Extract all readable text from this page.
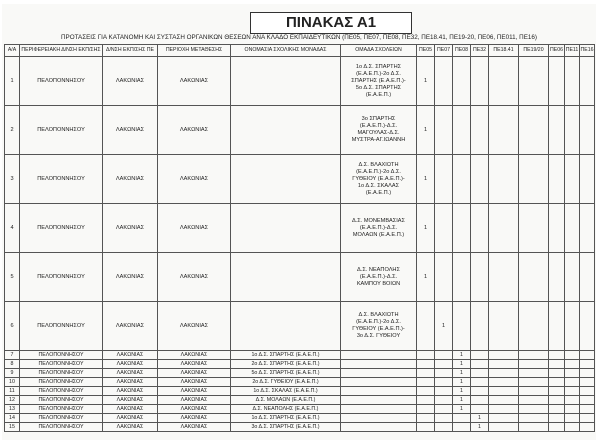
ΠΙΝΑΚΑΣ Α1
ΠΡΟΤΑΣΕΙΣ ΓΙΑ ΚΑΤΑΝΟΜΗ ΚΑΙ ΣΥΣΤΑΣΗ ΟΡΓΑΝΙΚΩΝ ΘΕΣΕΩΝ ΑΝΑ ΚΛΑΔΟ ΕΚΠΑΙΔΕΥΤΙΚΩΝ (ΠΕ05, ΠΕ07, ΠΕ08, ΠΕ32, ΠΕ18.41, ΠΕ19-20, ΠΕ06, ΠΕ011, ΠΕ16)
Α/Α	ΠΕΡΙΦΕΡΕΙΑΚΗ Δ/ΝΣΗ ΕΚΠ/ΣΗΣ	Δ/ΝΣΗ ΕΚΠ/ΣΗΣ ΠΕ	ΠΕΡΙΟΧΗ ΜΕΤΑΘΕΣΗΣ	ΟΝΟΜΑΣΙΑ ΣΧΟΛΙΚΗΣ ΜΟΝΑΔΑΣ	ΟΜΑΔΑ ΣΧΟΛΕΙΩΝ	ΠΕ05	ΠΕ07	ΠΕ08	ΠΕ32	ΠΕ18.41	ΠΕ19/20	ΠΕ06	ΠΕ11	ΠΕ16
1	ΠΕΛΟΠΟΝΝΗΣΟΥ	ΛΑΚΩΝΙΑΣ	ΛΑΚΩΝΙΑΣ		1ο Δ.Σ. ΣΠΑΡΤΗΣ
(Ε.Α.Ε.Π.)-2ο Δ.Σ.
ΣΠΑΡΤΗΣ (Ε.Α.Ε.Π.)-
5ο Δ.Σ. ΣΠΑΡΤΗΣ
(Ε.Α.Ε.Π.)	1								
2	ΠΕΛΟΠΟΝΝΗΣΟΥ	ΛΑΚΩΝΙΑΣ	ΛΑΚΩΝΙΑΣ		3ο ΣΠΑΡΤΗΣ
(Ε.Α.Ε.Π.)-Δ.Σ.
ΜΑΓΟΥΛΑΣ-Δ.Σ.
ΜΥΣΤΡΑ-ΑΓ.ΙΩΑΝΝΗ	1								
3	ΠΕΛΟΠΟΝΝΗΣΟΥ	ΛΑΚΩΝΙΑΣ	ΛΑΚΩΝΙΑΣ		Δ.Σ. ΒΛΑΧΙΩΤΗ
(Ε.Α.Ε.Π.)-2ο Δ.Σ.
ΓΥΘΕΙΟΥ (Ε.Α.Ε.Π.)-
1ο Δ.Σ. ΣΚΑΛΑΣ
(Ε.Α.Ε.Π.)	1								
4	ΠΕΛΟΠΟΝΝΗΣΟΥ	ΛΑΚΩΝΙΑΣ	ΛΑΚΩΝΙΑΣ		Δ.Σ. ΜΟΝΕΜΒΑΣΙΑΣ
(Ε.Α.Ε.Π.)-Δ.Σ.
ΜΟΛΑΩΝ (Ε.Α.Ε.Π.)	1								
5	ΠΕΛΟΠΟΝΝΗΣΟΥ	ΛΑΚΩΝΙΑΣ	ΛΑΚΩΝΙΑΣ		Δ.Σ. ΝΕΑΠΟΛΗΣ
(Ε.Α.Ε.Π.)-Δ.Σ.
ΚΑΜΠΟΥ ΒΟΙΩΝ	1								
6	ΠΕΛΟΠΟΝΝΗΣΟΥ	ΛΑΚΩΝΙΑΣ	ΛΑΚΩΝΙΑΣ		Δ.Σ. ΒΛΑΧΙΩΤΗ
(Ε.Α.Ε.Π.)-2ο Δ.Σ.
ΓΥΘΕΙΟΥ (Ε.Α.Ε.Π.)-
3ο Δ.Σ. ΓΥΘΕΙΟΥ		1							
7	ΠΕΛΟΠΟΝΝΗΣΟΥ	ΛΑΚΩΝΙΑΣ	ΛΑΚΩΝΙΑΣ	1ο Δ.Σ. ΣΠΑΡΤΗΣ (Ε.Α.Ε.Π.)				1						
8	ΠΕΛΟΠΟΝΝΗΣΟΥ	ΛΑΚΩΝΙΑΣ	ΛΑΚΩΝΙΑΣ	2ο Δ.Σ. ΣΠΑΡΤΗΣ (Ε.Α.Ε.Π.)				1						
9	ΠΕΛΟΠΟΝΝΗΣΟΥ	ΛΑΚΩΝΙΑΣ	ΛΑΚΩΝΙΑΣ	5ο Δ.Σ. ΣΠΑΡΤΗΣ (Ε.Α.Ε.Π.)				1						
10	ΠΕΛΟΠΟΝΝΗΣΟΥ	ΛΑΚΩΝΙΑΣ	ΛΑΚΩΝΙΑΣ	2ο Δ.Σ. ΓΥΘΕΙΟΥ (Ε.Α.Ε.Π.)				1						
11	ΠΕΛΟΠΟΝΝΗΣΟΥ	ΛΑΚΩΝΙΑΣ	ΛΑΚΩΝΙΑΣ	1ο Δ.Σ. ΣΚΑΛΑΣ (Ε.Α.Ε.Π.)				1						
12	ΠΕΛΟΠΟΝΝΗΣΟΥ	ΛΑΚΩΝΙΑΣ	ΛΑΚΩΝΙΑΣ	Δ.Σ. ΜΟΛΑΩΝ (Ε.Α.Ε.Π.)				1						
13	ΠΕΛΟΠΟΝΝΗΣΟΥ	ΛΑΚΩΝΙΑΣ	ΛΑΚΩΝΙΑΣ	Δ.Σ. ΝΕΑΠΟΛΗΣ (Ε.Α.Ε.Π.)				1						
14	ΠΕΛΟΠΟΝΝΗΣΟΥ	ΛΑΚΩΝΙΑΣ	ΛΑΚΩΝΙΑΣ	1ο Δ.Σ. ΣΠΑΡΤΗΣ (Ε.Α.Ε.Π.)					1					
15	ΠΕΛΟΠΟΝΝΗΣΟΥ	ΛΑΚΩΝΙΑΣ	ΛΑΚΩΝΙΑΣ	3ο Δ.Σ. ΣΠΑΡΤΗΣ (Ε.Α.Ε.Π.)					1					
